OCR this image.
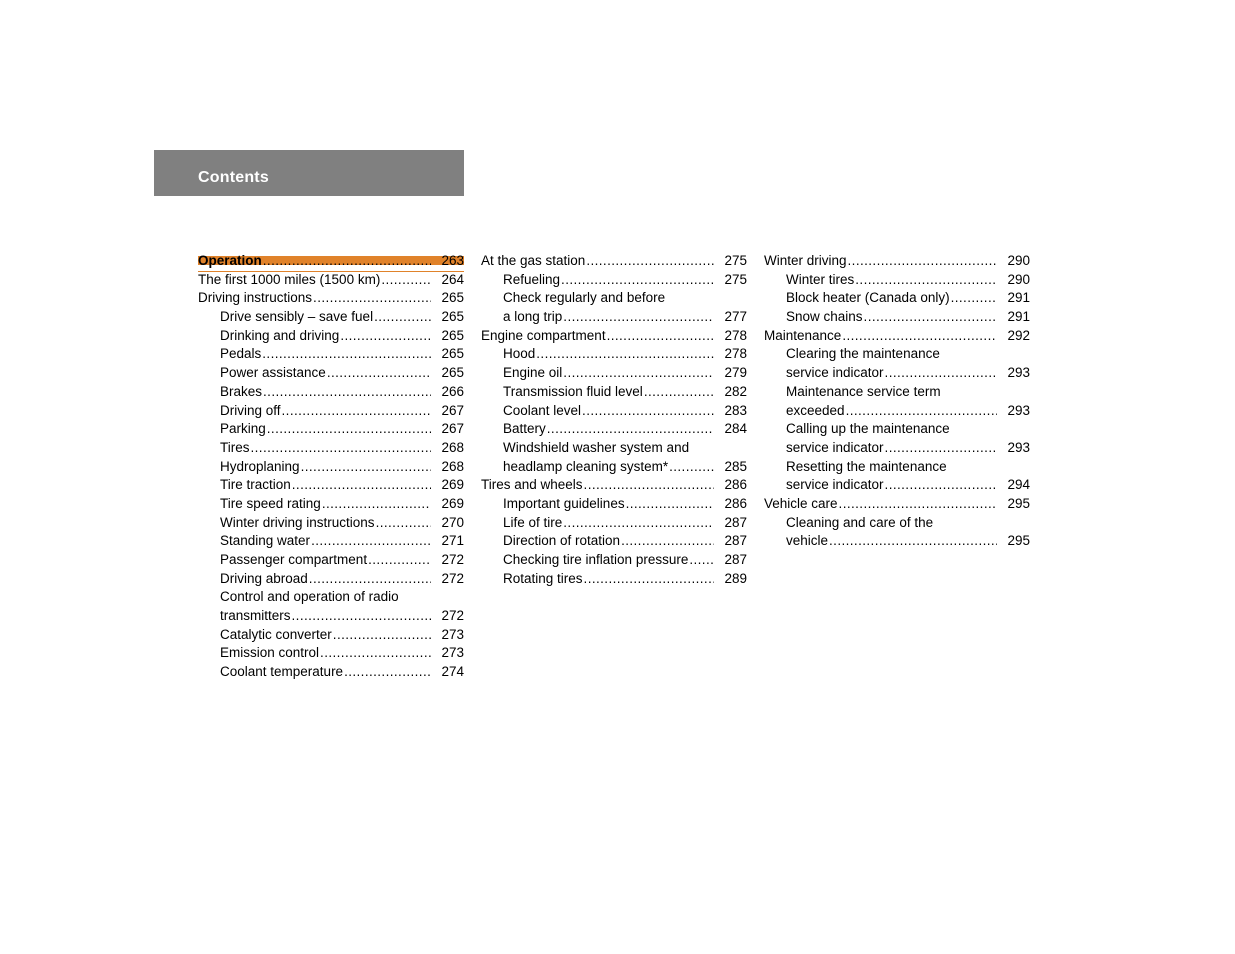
Contents
Operation .....	263
The first 1000 miles (1500 km) .....	264
Driving instructions .....	265
Drive sensibly – save fuel .....	265
Drinking and driving .....	265
Pedals .....	265
Power assistance .....	265
Brakes .....	266
Driving off .....	267
Parking .....	267
Tires .....	268
Hydroplaning .....	268
Tire traction .....	269
Tire speed rating .....	269
Winter driving instructions .....	270
Standing water .....	271
Passenger compartment .....	272
Driving abroad .....	272
Control and operation of radio
transmitters .....	272
Catalytic converter .....	273
Emission control .....	273
Coolant temperature .....	274
At the gas station .....	275
Refueling .....	275
Check regularly and before
a long trip .....	277
Engine compartment .....	278
Hood .....	278
Engine oil .....	279
Transmission fluid level .....	282
Coolant level .....	283
Battery .....	284
Windshield washer system and
headlamp cleaning system* .....	285
Tires and wheels .....	286
Important guidelines .....	286
Life of tire .....	287
Direction of rotation .....	287
Checking tire inflation pressure .....	287
Rotating tires .....	289
Winter driving .....	290
Winter tires .....	290
Block heater (Canada only) .....	291
Snow chains .....	291
Maintenance .....	292
Clearing the maintenance
service indicator .....	293
Maintenance service term
exceeded .....	293
Calling up the maintenance
service indicator .....	293
Resetting the maintenance
service indicator .....	294
Vehicle care .....	295
Cleaning and care of the
vehicle .....	295
